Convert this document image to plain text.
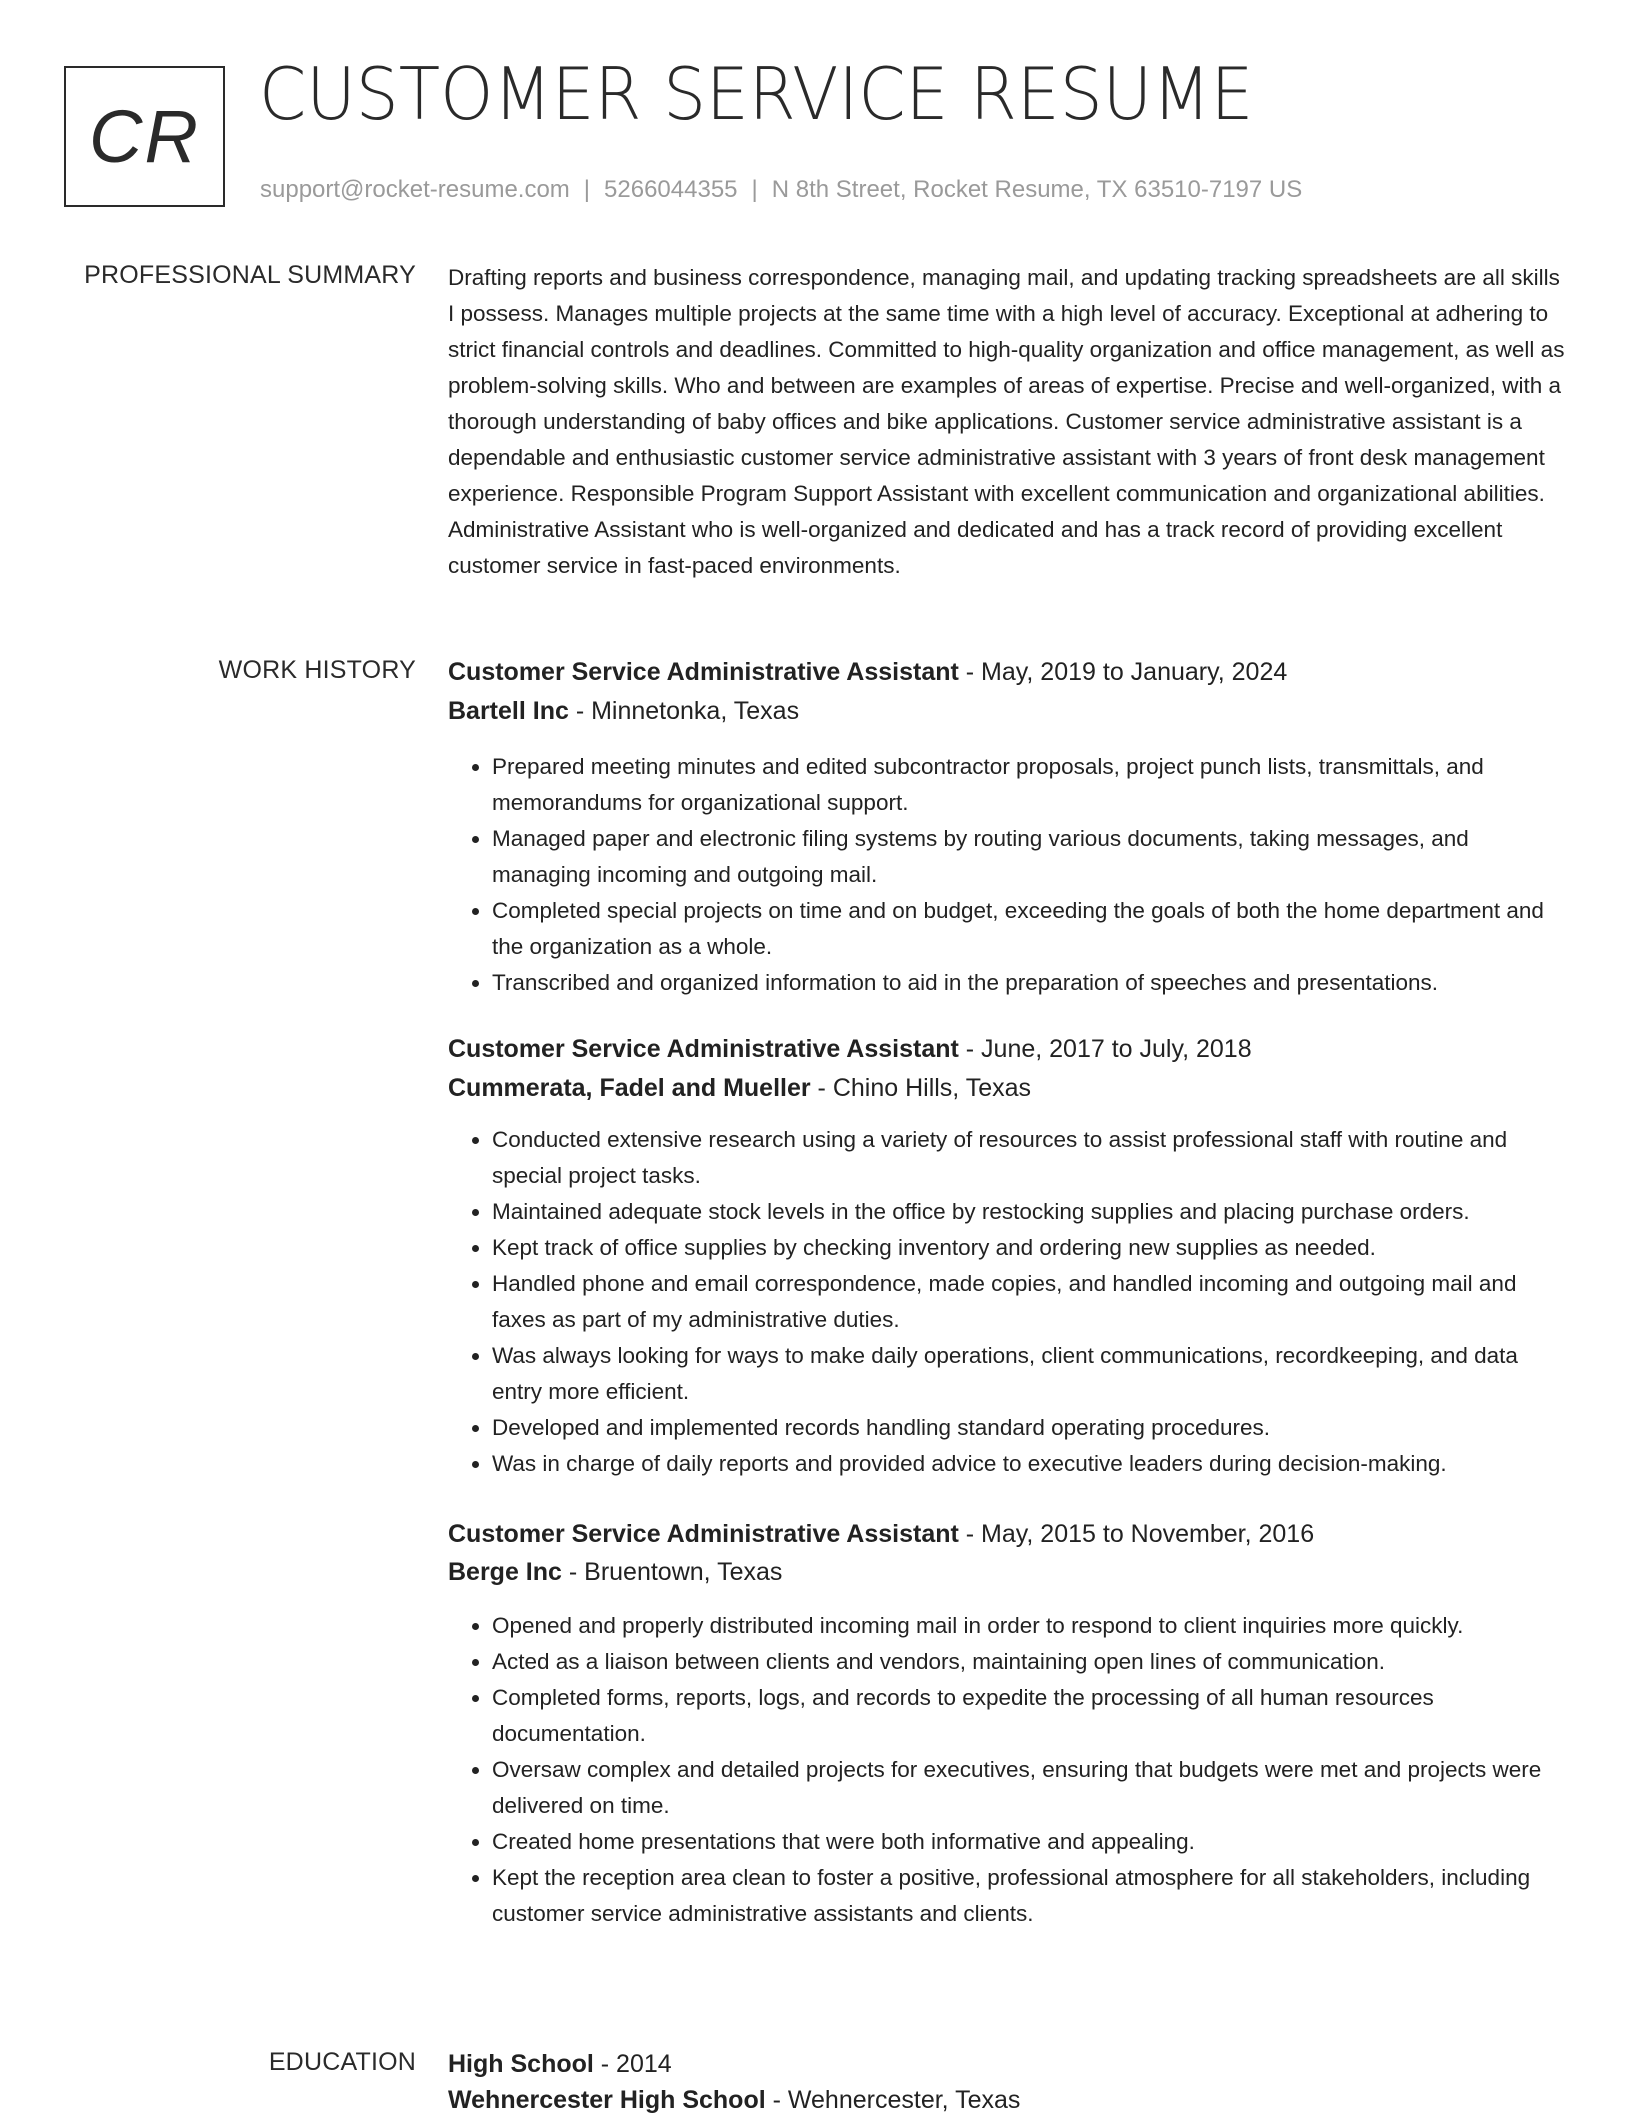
CR
CUSTOMER SERVICE RESUME
support@rocket-resume.com | 5266044355 | N 8th Street, Rocket Resume, TX 63510-7197 US
PROFESSIONAL SUMMARY Drafting reports and business correspondence, managing mail, and updating tracking spreadsheets are all skills I possess. Manages multiple projects at the same time with a high level of accuracy. Exceptional at adhering to strict financial controls and deadlines. Committed to high-quality organization and office management, as well as problem-solving skills. Who and between are examples of areas of expertise. Precise and well-organized, with a thorough understanding of baby offices and bike applications. Customer service administrative assistant is a dependable and enthusiastic customer service administrative assistant with 3 years of front desk management experience. Responsible Program Support Assistant with excellent communication and organizational abilities. Administrative Assistant who is well-organized and dedicated and has a track record of providing excellent customer service in fast-paced environments.

WORK HISTORY Customer Service Administrative Assistant - May, 2019 to January, 2024

Bartell Inc - Minnetonka, Texas

• Prepared meeting minutes and edited subcontractor proposals, project punch lists, transmittals, and memorandums for organizational support.
• Managed paper and electronic filing systems by routing various documents, taking messages, and managing incoming and outgoing mail.
• Completed special projects on time and on budget, exceeding the goals of both the home department and the organization as a whole.
• Transcribed and organized information to aid in the preparation of speeches and presentations.

Customer Service Administrative Assistant - June, 2017 to July, 2018

Cummerata, Fadel and Mueller - Chino Hills, Texas

• Conducted extensive research using a variety of resources to assist professional staff with routine and special project tasks.
• Maintained adequate stock levels in the office by restocking supplies and placing purchase orders.
• Kept track of office supplies by checking inventory and ordering new supplies as needed.
• Handled phone and email correspondence, made copies, and handled incoming and outgoing mail and faxes as part of my administrative duties.
• Was always looking for ways to make daily operations, client communications, recordkeeping, and data entry more efficient.
• Developed and implemented records handling standard operating procedures.
• Was in charge of daily reports and provided advice to executive leaders during decision-making.

Customer Service Administrative Assistant - May, 2015 to November, 2016

Berge Inc - Bruentown, Texas

• Opened and properly distributed incoming mail in order to respond to client inquiries more quickly.
• Acted as a liaison between clients and vendors, maintaining open lines of communication.
• Completed forms, reports, logs, and records to expedite the processing of all human resources documentation.
• Oversaw complex and detailed projects for executives, ensuring that budgets were met and projects were delivered on time.
• Created home presentations that were both informative and appealing.
• Kept the reception area clean to foster a positive, professional atmosphere for all stakeholders, including customer service administrative assistants and clients.
EDUCATION High School - 2014

Wehnercester High School - Wehnercester, Texas
